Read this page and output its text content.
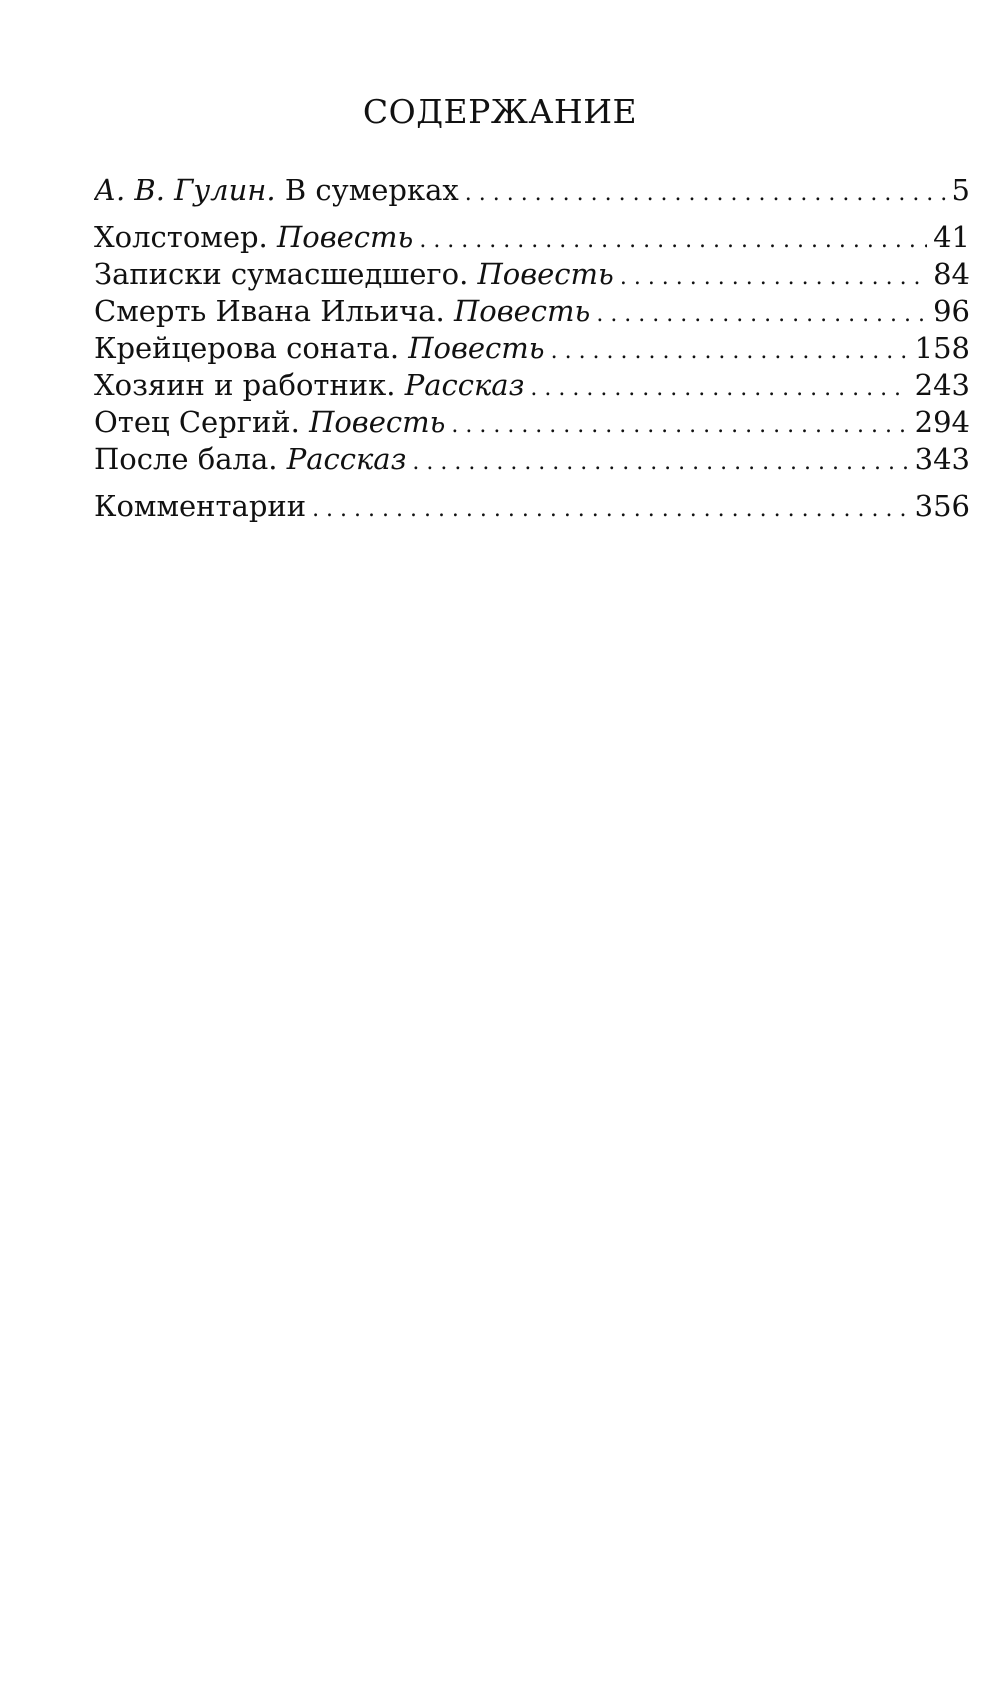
СОДЕРЖАНИЕ
А. В. Гулин. В сумерках . . .	5
Холстомер. Повесть . . .	41
Записки сумасшедшего. Повесть . . .	84
Смерть Ивана Ильича. Повесть . . .	96
Крейцерова соната. Повесть . . .	158
Хозяин и работник. Рассказ . . .	243
Отец Сергий. Повесть . . .	294
После бала. Рассказ . . .	343
Комментарии . . .	356
